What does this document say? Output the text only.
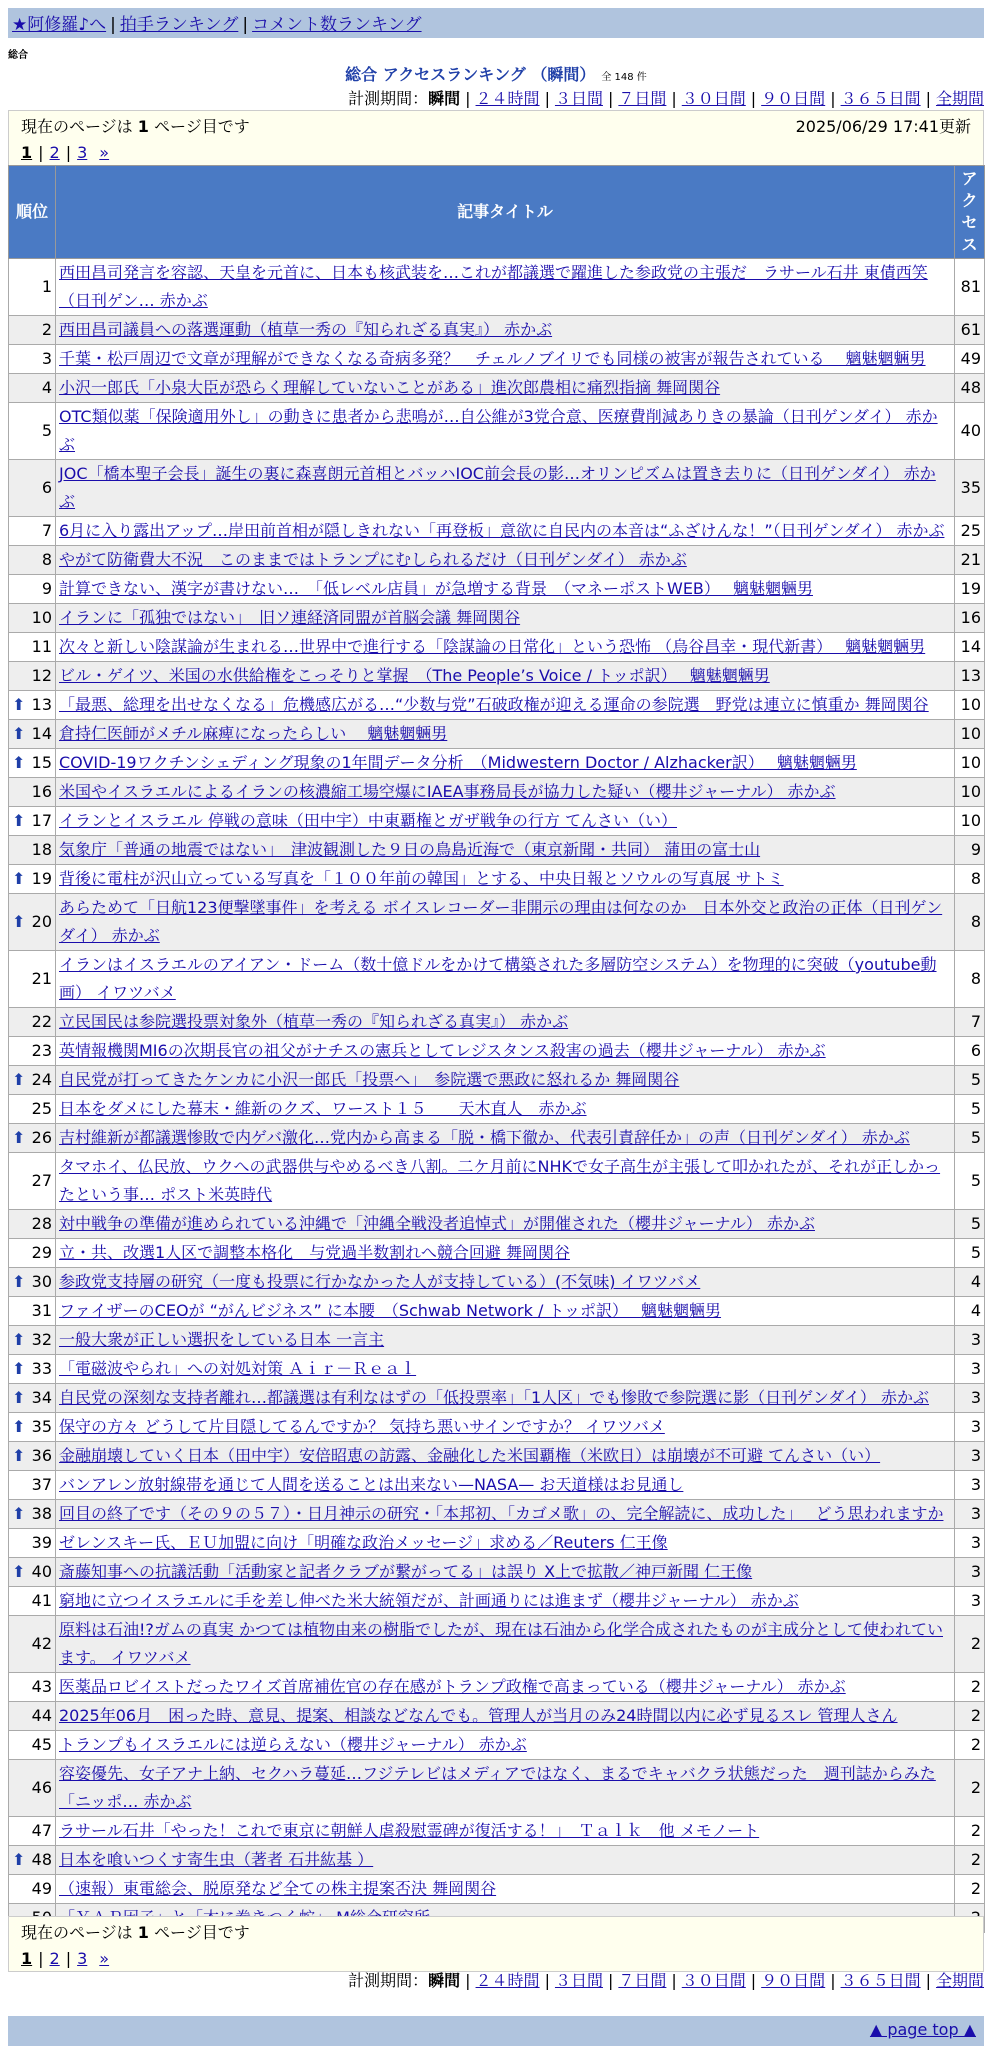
★阿修羅♪へ | 拍手ランキング | コメント数ランキング
総合
総合 アクセスランキング （瞬間） 全 148 件
計測期間：瞬間 | ２４時間 | ３日間 | ７日間 | ３０日間 | ９０日間 | ３６５日間 | 全期間
現在のページは 1 ページ目です	2025/06/29 17:41更新
1 | 2 | 3 »
順位	記事タイトル	アクセス
1	西田昌司発言を容認、天皇を元首に、日本も核武装を…これが都議選で躍進した参政党の主張だ　ラサール石井 東債西笑（日刊ゲン… 赤かぶ	81
2	西田昌司議員への落選運動（植草一秀の『知られざる真実』） 赤かぶ	61
3	千葉・松戸周辺で文章が理解ができなくなる奇病多発？　チェルノブイリでも同様の被害が報告されている　 魑魅魍魎男	49
4	小沢一郎氏「小泉大臣が恐らく理解していないことがある」進次郎農相に痛烈指摘 舞岡関谷	48
5	OTC類似薬「保険適用外し」の動きに患者から悲鳴が…自公維が3党合意、医療費削減ありきの暴論（日刊ゲンダイ） 赤かぶ	40
6	JOC「橋本聖子会長」誕生の裏に森喜朗元首相とバッハIOC前会長の影…オリンピズムは置き去りに（日刊ゲンダイ） 赤かぶ	35
7	6月に入り露出アップ…岸田前首相が隠しきれない「再登板」意欲に自民内の本音は“ふざけんな！”（日刊ゲンダイ） 赤かぶ	25
8	やがて防衛費大不況　このままではトランプにむしられるだけ（日刊ゲンダイ） 赤かぶ	21
9	計算できない、漢字が書けない…　「低レベル店員」が急増する背景　（マネーポストWEB）　 魑魅魍魎男	19
10	イランに「孤独ではない」　旧ソ連経済同盟が首脳会議 舞岡関谷	16
11	次々と新しい陰謀論が生まれる…世界中で進行する「陰謀論の日常化」という恐怖 （烏谷昌幸・現代新書）　 魑魅魍魎男	14
12	ビル・ゲイツ、米国の水供給権をこっそりと掌握　（The People’s Voice / トッポ訳）　 魑魅魍魎男	13

⬆ 13	「最悪、総理を出せなくなる」危機感広がる…“少数与党”石破政権が迎える運命の参院選　野党は連立に慎重か 舞岡関谷	10

⬆ 14	倉持仁医師がメチル麻痺になったらしい　 魑魅魍魎男	10

⬆ 15	COVID-19ワクチンシェディング現象の1年間データ分析　（Midwestern Doctor / Alzhacker訳）　 魑魅魍魎男	10
16	米国やイスラエルによるイランの核濃縮工場空爆にIAEA事務局長が協力した疑い（櫻井ジャーナル） 赤かぶ	10

⬆ 17	イランとイスラエル 停戦の意味（田中宇）中東覇権とガザ戦争の行方 てんさい（い）	10
18	気象庁「普通の地震ではない」　津波観測した９日の鳥島近海で（東京新聞・共同） 蒲田の富士山	9

⬆ 19	背後に電柱が沢山立っている写真を「１００年前の韓国」とする、中央日報とソウルの写真展 サトミ	8

⬆ 20	あらためて「日航123便撃墜事件」を考える ボイスレコーダー非開示の理由は何なのか　日本外交と政治の正体（日刊ゲンダイ） 赤かぶ	8
21	イランはイスラエルのアイアン・ドーム（数十億ドルをかけて構築された多層防空システム）を物理的に突破（youtube動画） イワツバメ	8
22	立民国民は参院選投票対象外（植草一秀の『知られざる真実』） 赤かぶ	7
23	英情報機関MI6の次期長官の祖父がナチスの憲兵としてレジスタンス殺害の過去（櫻井ジャーナル） 赤かぶ	6

⬆ 24	自民党が打ってきたケンカに小沢一郎氏「投票へ」　参院選で悪政に怒れるか 舞岡関谷	5
25	日本をダメにした幕末・維新のクズ、ワースト１５　　天木直人　赤かぶ	5

⬆ 26	吉村維新が都議選惨敗で内ゲバ激化…党内から高まる「脱・橋下徹か、代表引責辞任か」の声（日刊ゲンダイ） 赤かぶ	5
27	タマホイ、仏民放、ウクへの武器供与やめるべき八割。二ケ月前にNHKで女子高生が主張して叩かれたが、それが正しかったという事… ポスト米英時代	5
28	対中戦争の準備が進められている沖縄で「沖縄全戦没者追悼式」が開催された（櫻井ジャーナル） 赤かぶ	5
29	立・共、改選1人区で調整本格化　与党過半数割れへ競合回避 舞岡関谷	5

⬆ 30	参政党支持層の研究（一度も投票に行かなかった人が支持している）(不気味) イワツバメ	4
31	ファイザーのCEOが “がんビジネス” に本腰　（Schwab Network / トッポ訳）　 魑魅魍魎男	4

⬆ 32	一般大衆が正しい選択をしている日本 一言主	3

⬆ 33	「電磁波やられ」への対処対策 Ａｉｒ－Ｒｅａｌ	3

⬆ 34	自民党の深刻な支持者離れ…都議選は有利なはずの「低投票率」「1人区」でも惨敗で参院選に影（日刊ゲンダイ） 赤かぶ	3

⬆ 35	保守の方々 どうして片目隠してるんですか？ 気持ち悪いサインですか？ イワツバメ	3

⬆ 36	金融崩壊していく日本（田中宇）安倍昭恵の訪露、金融化した米国覇権（米欧日）は崩壊が不可避 てんさい（い）	3
37	バンアレン放射線帯を通じて人間を送ることは出来ない—NASA— お天道様はお見通し	3

⬆ 38	回目の終了です（その９の５７）・日月神示の研究・「本邦初、「カゴメ歌」の、完全解読に、成功した」　 どう思われますか	3
39	ゼレンスキー氏、ＥＵ加盟に向け「明確な政治メッセージ」求める／Reuters 仁王像	3

⬆ 40	斎藤知事への抗議活動「活動家と記者クラブが繋がってる」は誤り X上で拡散／神戸新聞 仁王像	3
41	窮地に立つイスラエルに手を差し伸べた米大統領だが、計画通りには進まず（櫻井ジャーナル） 赤かぶ	3
42	原料は石油!?ガムの真実 かつては植物由来の樹脂でしたが、現在は石油から化学合成されたものが主成分として使われています。 イワツバメ	2
43	医薬品ロビイストだったワイズ首席補佐官の存在感がトランプ政権で高まっている（櫻井ジャーナル） 赤かぶ	2
44	2025年06月　困った時、意見、提案、相談などなんでも。管理人が当月のみ24時間以内に必ず見るスレ 管理人さん	2
45	トランプもイスラエルには逆らえない（櫻井ジャーナル） 赤かぶ	2
46	容姿優先、女子アナ上納、セクハラ蔓延…フジテレビはメディアではなく、まるでキャバクラ状態だった　週刊誌からみた「ニッポ… 赤かぶ	2
47	ラサール石井「やった！これで東京に朝鮮人虐殺慰霊碑が復活する！」　Ｔａｌｋ　他 メモノート	2

⬆ 48	日本を喰いつくす寄生虫（著者 石井紘基 ）	2
49	（速報）東電総会、脱原発など全ての株主提案否決 舞岡関谷	2

現在のページは 1 ページ目です
1 | 2 | 3 »
計測期間：瞬間 | ２４時間 | ３日間 | ７日間 | ３０日間 | ９０日間 | ３６５日間 | 全期間
▲ page top ▲
